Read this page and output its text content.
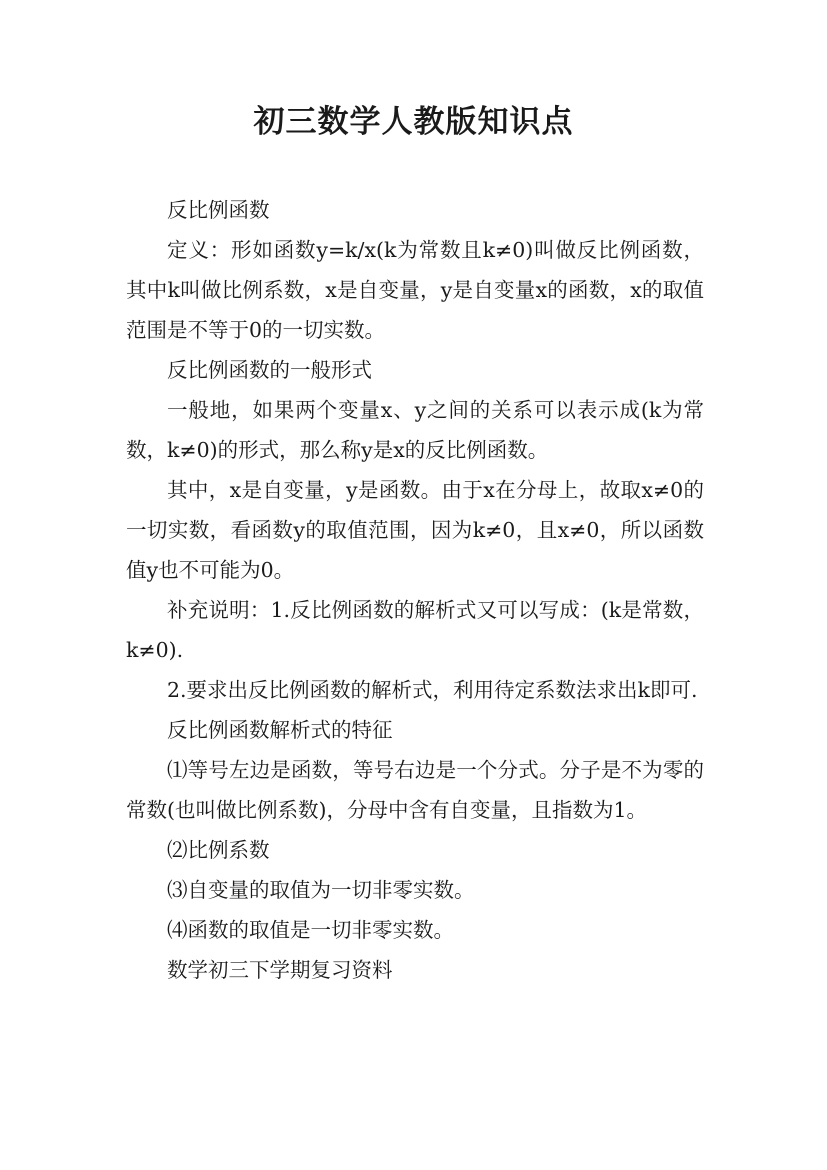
初三数学人教版知识点

反比例函数

定义：形如函数y=k/x(k为常数且k≠0)叫做反比例函数，其中k叫做比例系数，x是自变量，y是自变量x的函数，x的取值范围是不等于0的一切实数。

反比例函数的一般形式

一般地，如果两个变量x、y之间的关系可以表示成(k为常数，k≠0)的形式，那么称y是x的反比例函数。

其中，x是自变量，y是函数。由于x在分母上，故取x≠0的一切实数，看函数y的取值范围，因为k≠0，且x≠0，所以函数值y也不可能为0。

补充说明：1.反比例函数的解析式又可以写成：(k是常数，k≠0).

2.要求出反比例函数的解析式，利用待定系数法求出k即可.

反比例函数解析式的特征

⑴等号左边是函数，等号右边是一个分式。分子是不为零的常数(也叫做比例系数)，分母中含有自变量，且指数为1。

⑵比例系数

⑶自变量的取值为一切非零实数。

⑷函数的取值是一切非零实数。

数学初三下学期复习资料
